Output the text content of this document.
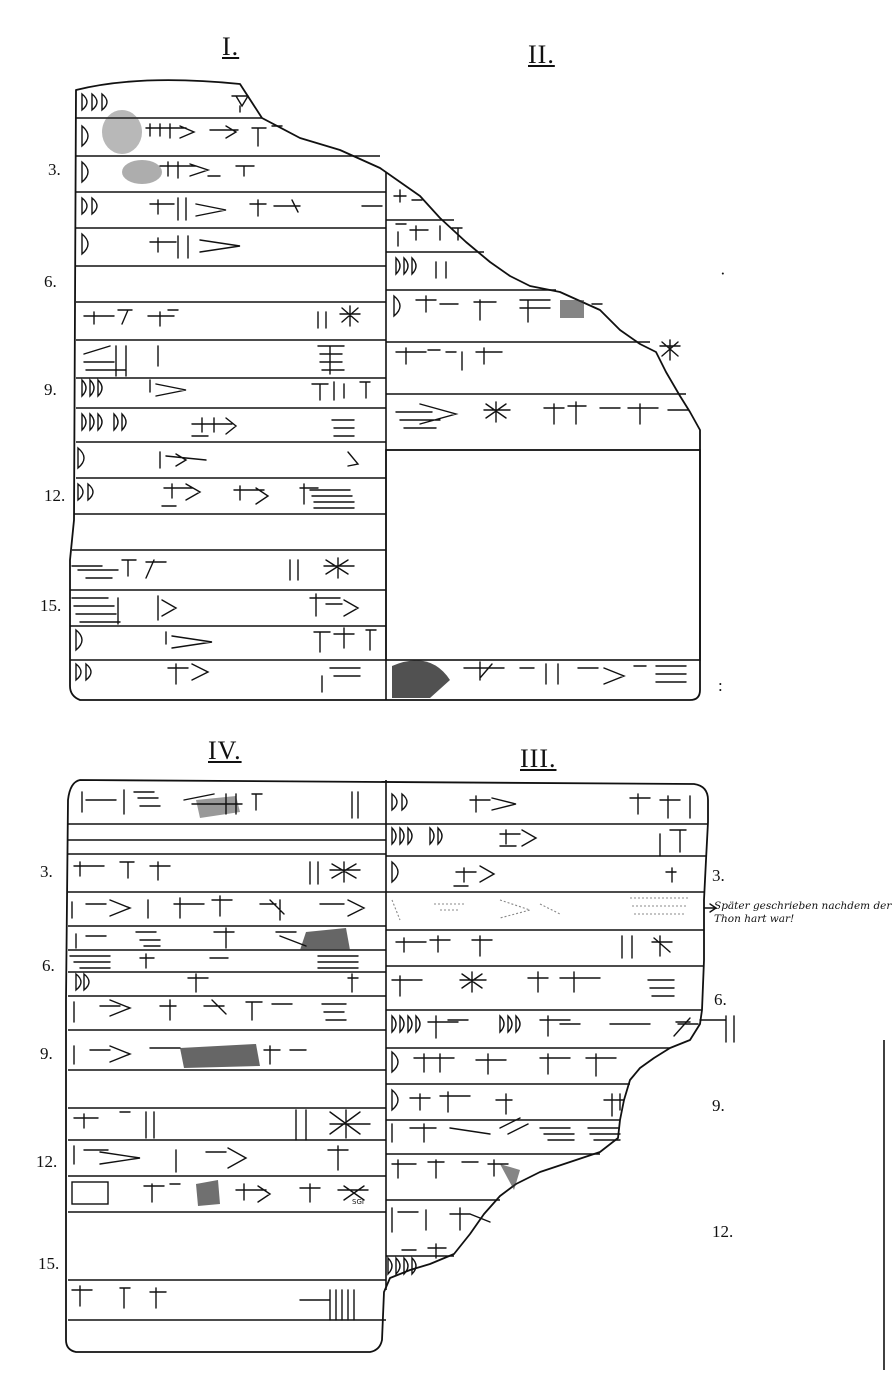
I.	II.
3.
6.
9.
12.
15.
·
:
IV.	III.
3.
6.
9.
12.
15.
3.
6.
9.
12.
Später geschrieben nachdem der Thon hart war!
SGI
